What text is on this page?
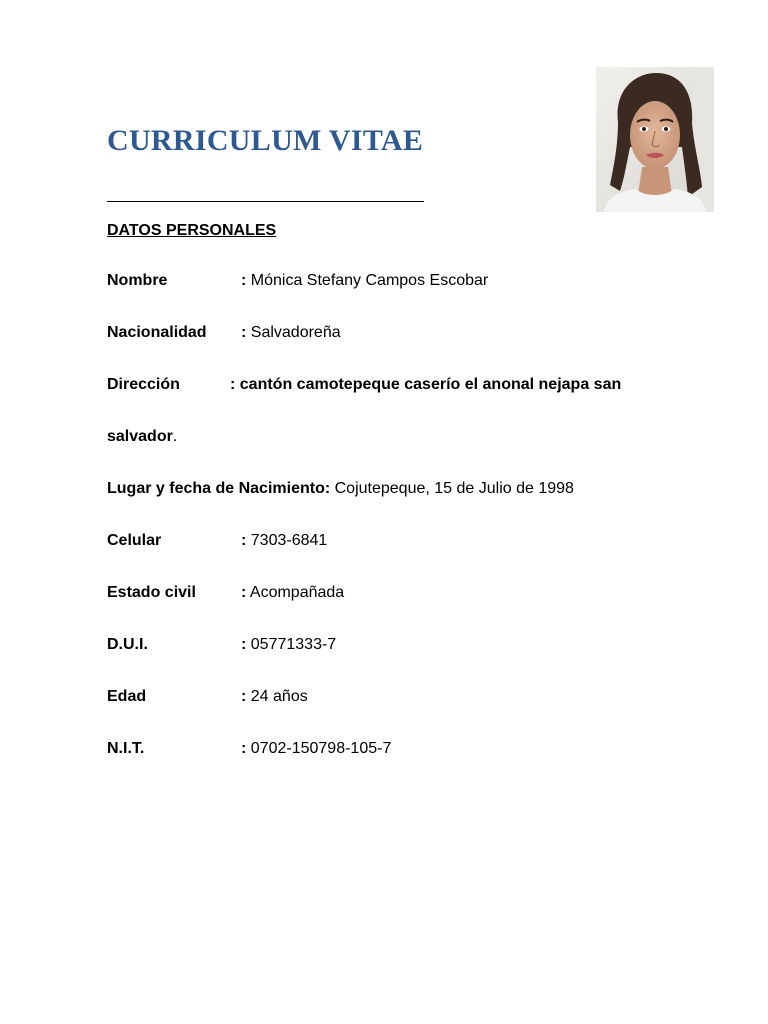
CURRICULUM VITAE
DATOS PERSONALES
Nombre	: Mónica Stefany Campos Escobar
Nacionalidad : Salvadoreña
Dirección	: cantón camotepeque caserío el anonal nejapa san
salvador.
Lugar y fecha de Nacimiento: Cojutepeque, 15 de Julio de 1998
Celular	: 7303-6841
Estado civil	: Acompañada
D.U.I.	: 05771333-7
Edad	: 24 años
N.I.T.	: 0702-150798-105-7
